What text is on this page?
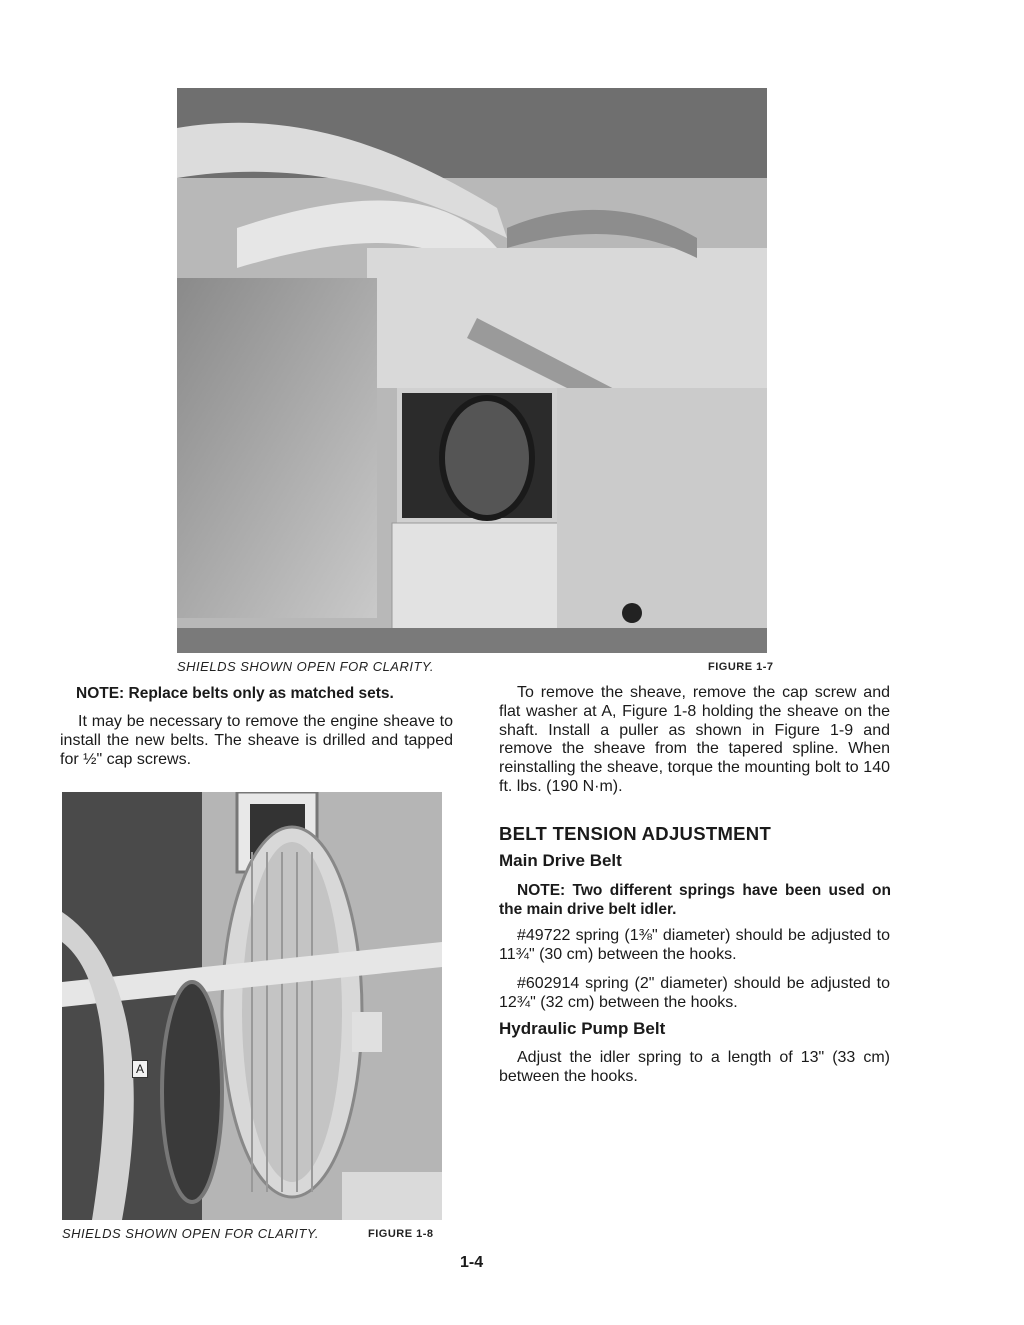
SHIELDS SHOWN OPEN FOR CLARITY.	FIGURE 1-7
NOTE: Replace belts only as matched sets.

It may be necessary to remove the engine sheave to install the new belts. The sheave is drilled and tapped for ½" cap screws.

A
SHIELDS SHOWN OPEN FOR CLARITY.	FIGURE 1-8

To remove the sheave, remove the cap screw and flat washer at A, Figure 1-8 holding the sheave on the shaft. Install a puller as shown in Figure 1-9 and remove the sheave from the tapered spline. When reinstalling the sheave, torque the mounting bolt to 140 ft. lbs. (190 N·m).

BELT TENSION ADJUSTMENT
Main Drive Belt
NOTE: Two different springs have been used on the main drive belt idler.

#49722 spring (1⅜" diameter) should be adjusted to 11¾" (30 cm) between the hooks.

#602914 spring (2" diameter) should be adjusted to 12¾" (32 cm) between the hooks.

Hydraulic Pump Belt

Adjust the idler spring to a length of 13" (33 cm) between the hooks.

1-4
